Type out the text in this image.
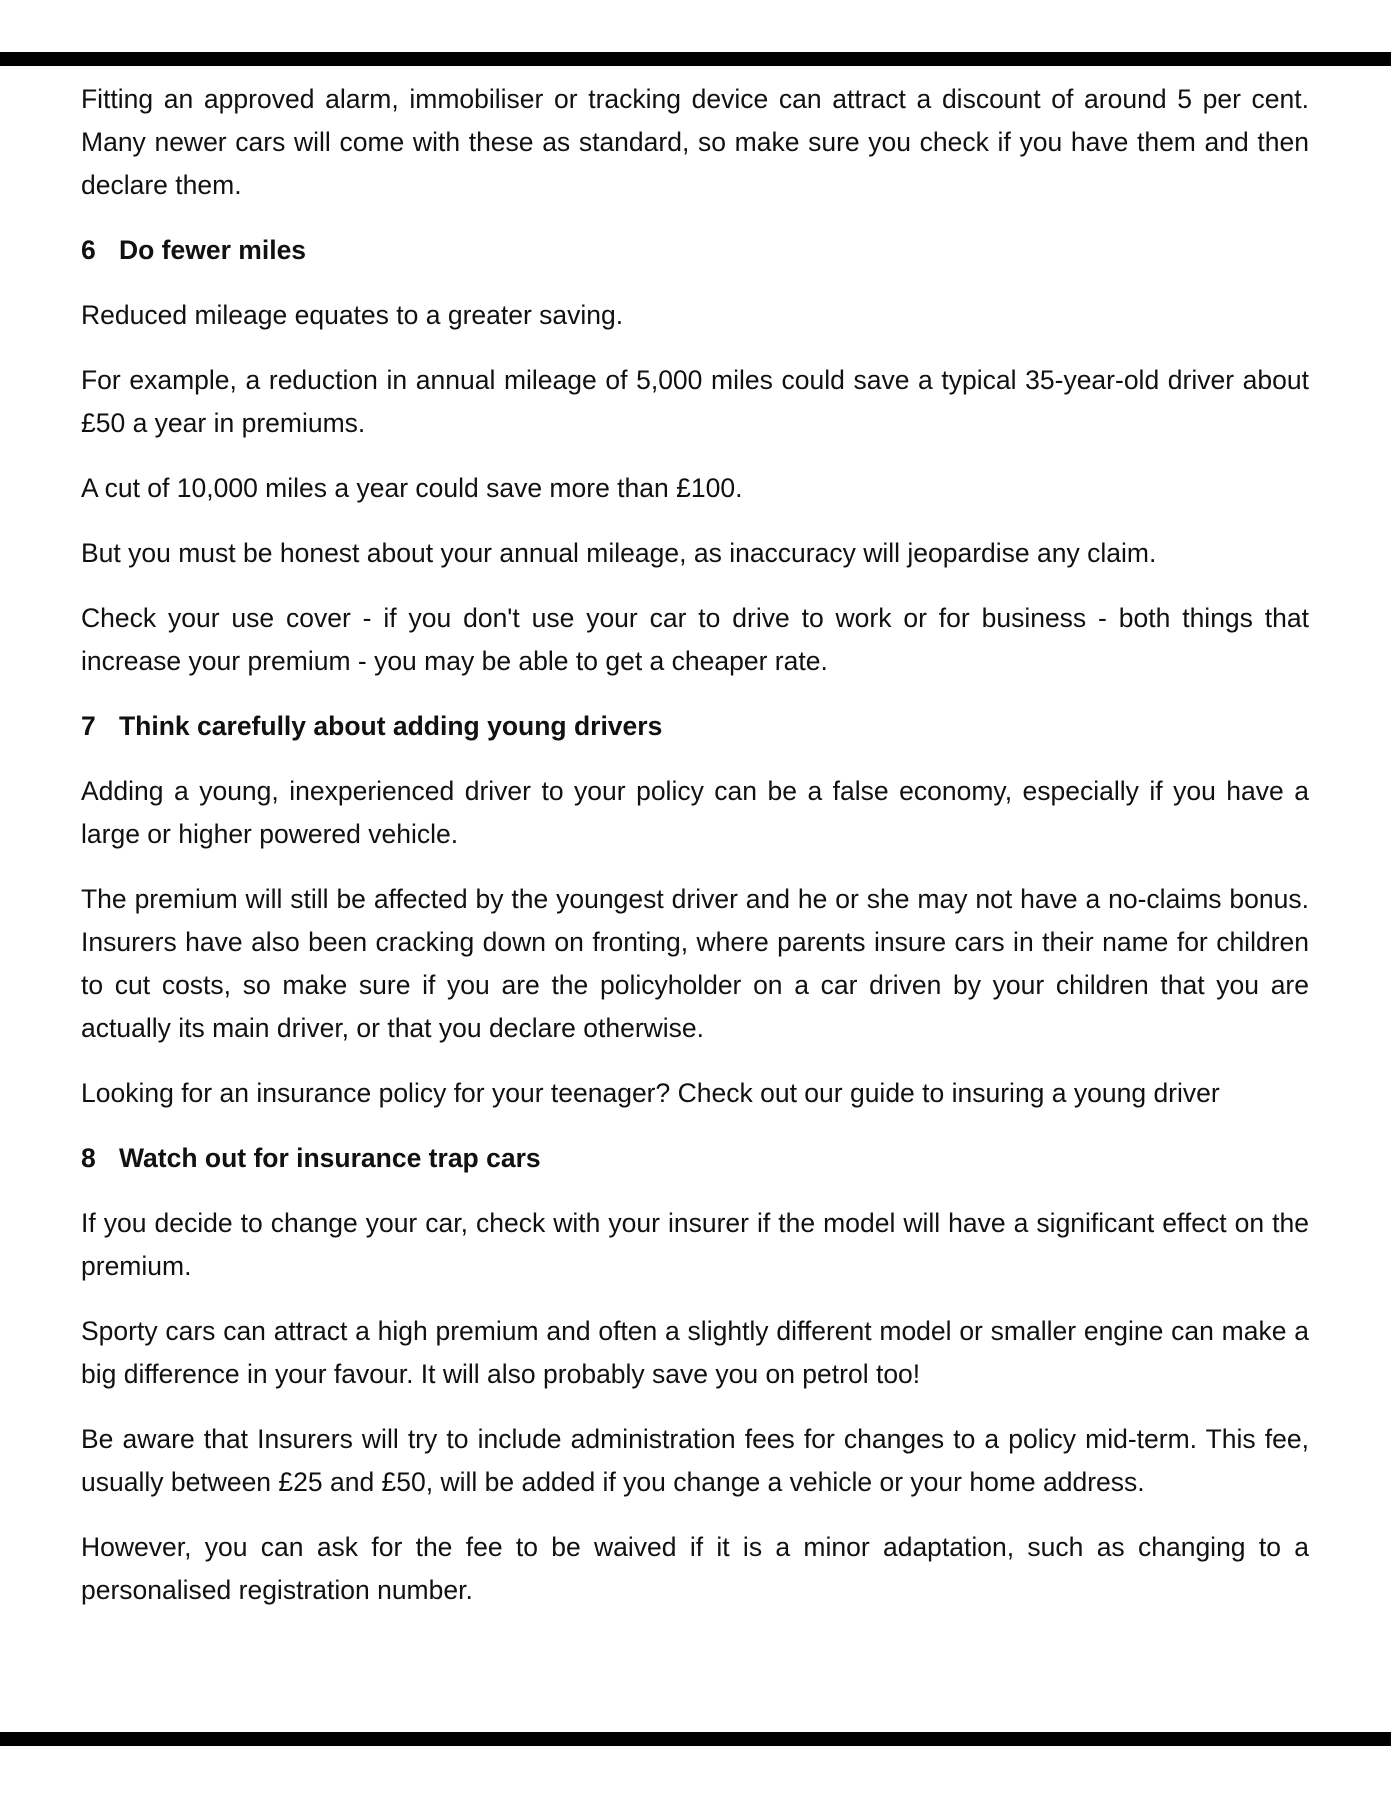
Fitting an approved alarm, immobiliser or tracking device can attract a discount of around 5 per cent. Many newer cars will come with these as standard, so make sure you check if you have them and then declare them.

6 Do fewer miles

Reduced mileage equates to a greater saving.

For example, a reduction in annual mileage of 5,000 miles could save a typical 35-year-old driver about £50 a year in premiums.

A cut of 10,000 miles a year could save more than £100.

But you must be honest about your annual mileage, as inaccuracy will jeopardise any claim.

Check your use cover - if you don't use your car to drive to work or for business - both things that increase your premium - you may be able to get a cheaper rate.

7 Think carefully about adding young drivers

Adding a young, inexperienced driver to your policy can be a false economy, especially if you have a large or higher powered vehicle.

The premium will still be affected by the youngest driver and he or she may not have a no-claims bonus. Insurers have also been cracking down on fronting, where parents insure cars in their name for children to cut costs, so make sure if you are the policyholder on a car driven by your children that you are actually its main driver, or that you declare otherwise.

Looking for an insurance policy for your teenager? Check out our guide to insuring a young driver

8 Watch out for insurance trap cars

If you decide to change your car, check with your insurer if the model will have a significant effect on the premium.

Sporty cars can attract a high premium and often a slightly different model or smaller engine can make a big difference in your favour. It will also probably save you on petrol too!

Be aware that Insurers will try to include administration fees for changes to a policy mid-term. This fee, usually between £25 and £50, will be added if you change a vehicle or your home address.

However, you can ask for the fee to be waived if it is a minor adaptation, such as changing to a personalised registration number.
